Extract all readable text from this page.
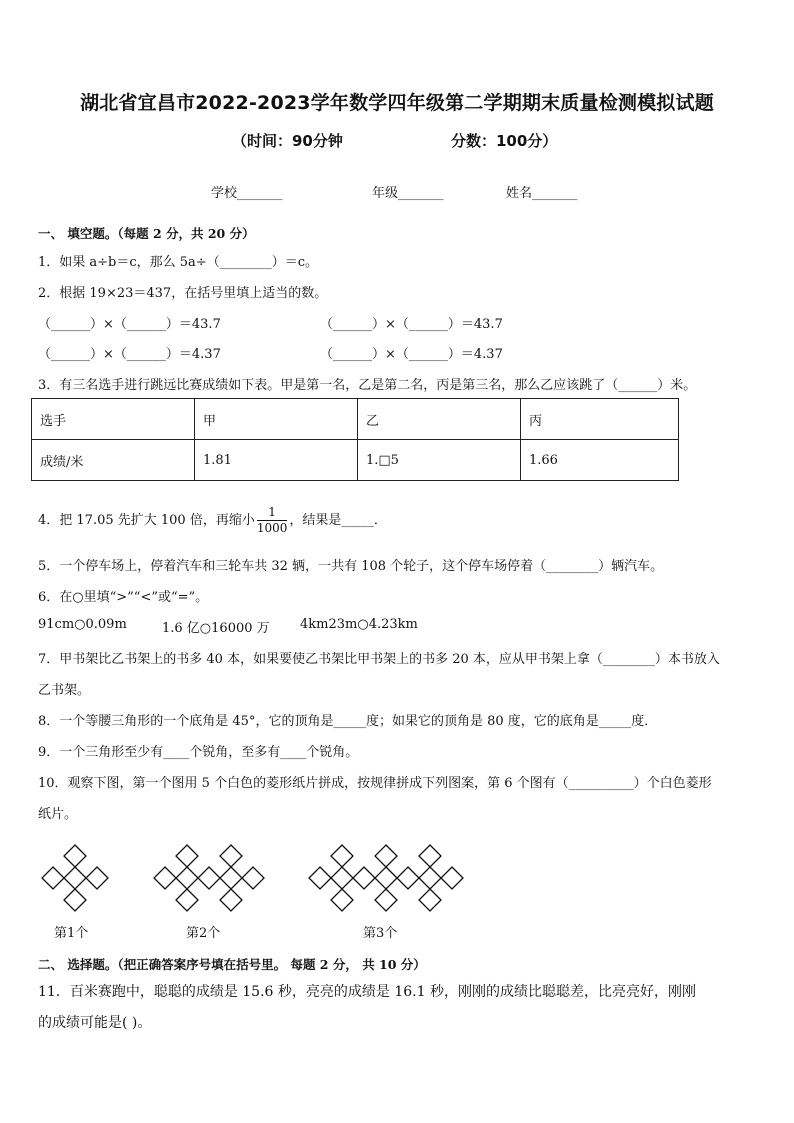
湖北省宜昌市2022-2023学年数学四年级第二学期期末质量检测模拟试题
（时间：90分钟	分数：100分）
学校_______	年级_______	姓名_______
一、 填空题。（每题 2 分，共 20 分）
1．如果 a÷b＝c，那么 5a÷（________）＝c。
2．根据 19×23＝437，在括号里填上适当的数。
（______）×（______）＝43.7	（______）×（______）＝43.7
（______）×（______）＝4.37	（______）×（______）＝4.37
3．有三名选手进行跳远比赛成绩如下表。甲是第一名，乙是第二名，丙是第三名，那么乙应该跳了（______）米。
选手	甲	乙	丙
成绩/米	1.81	1.□5	1.66
4．把 17.05 先扩大 100 倍，再缩小 $\frac{1}{1000}$ ，结果是_____．
5．一个停车场上，停着汽车和三轮车共 32 辆，一共有 108 个轮子，这个停车场停着（________）辆汽车。
6．在○里填“>”“<”或“=”。
91cm○0.09m	1.6 亿○16000 万 4km23m○4.23km
7．甲书架比乙书架上的书多 40 本，如果要使乙书架比甲书架上的书多 20 本，应从甲书架上拿（________）本书放入
乙书架。
8．一个等腰三角形的一个底角是 45°，它的顶角是_____度；如果它的顶角是 80 度，它的底角是_____度．
9．一个三角形至少有____个锐角，至多有____个锐角。
10．观察下图，第一个图用 5 个白色的菱形纸片拼成，按规律拼成下列图案，第 6 个图有（__________）个白色菱形
纸片。
第1个	第2个	第3个
二、 选择题。（把正确答案序号填在括号里。 每题 2 分， 共 10 分）
11．百米赛跑中，聪聪的成绩是 15.6 秒，亮亮的成绩是 16.1 秒，刚刚的成绩比聪聪差，比亮亮好，刚刚
的成绩可能是( )。
